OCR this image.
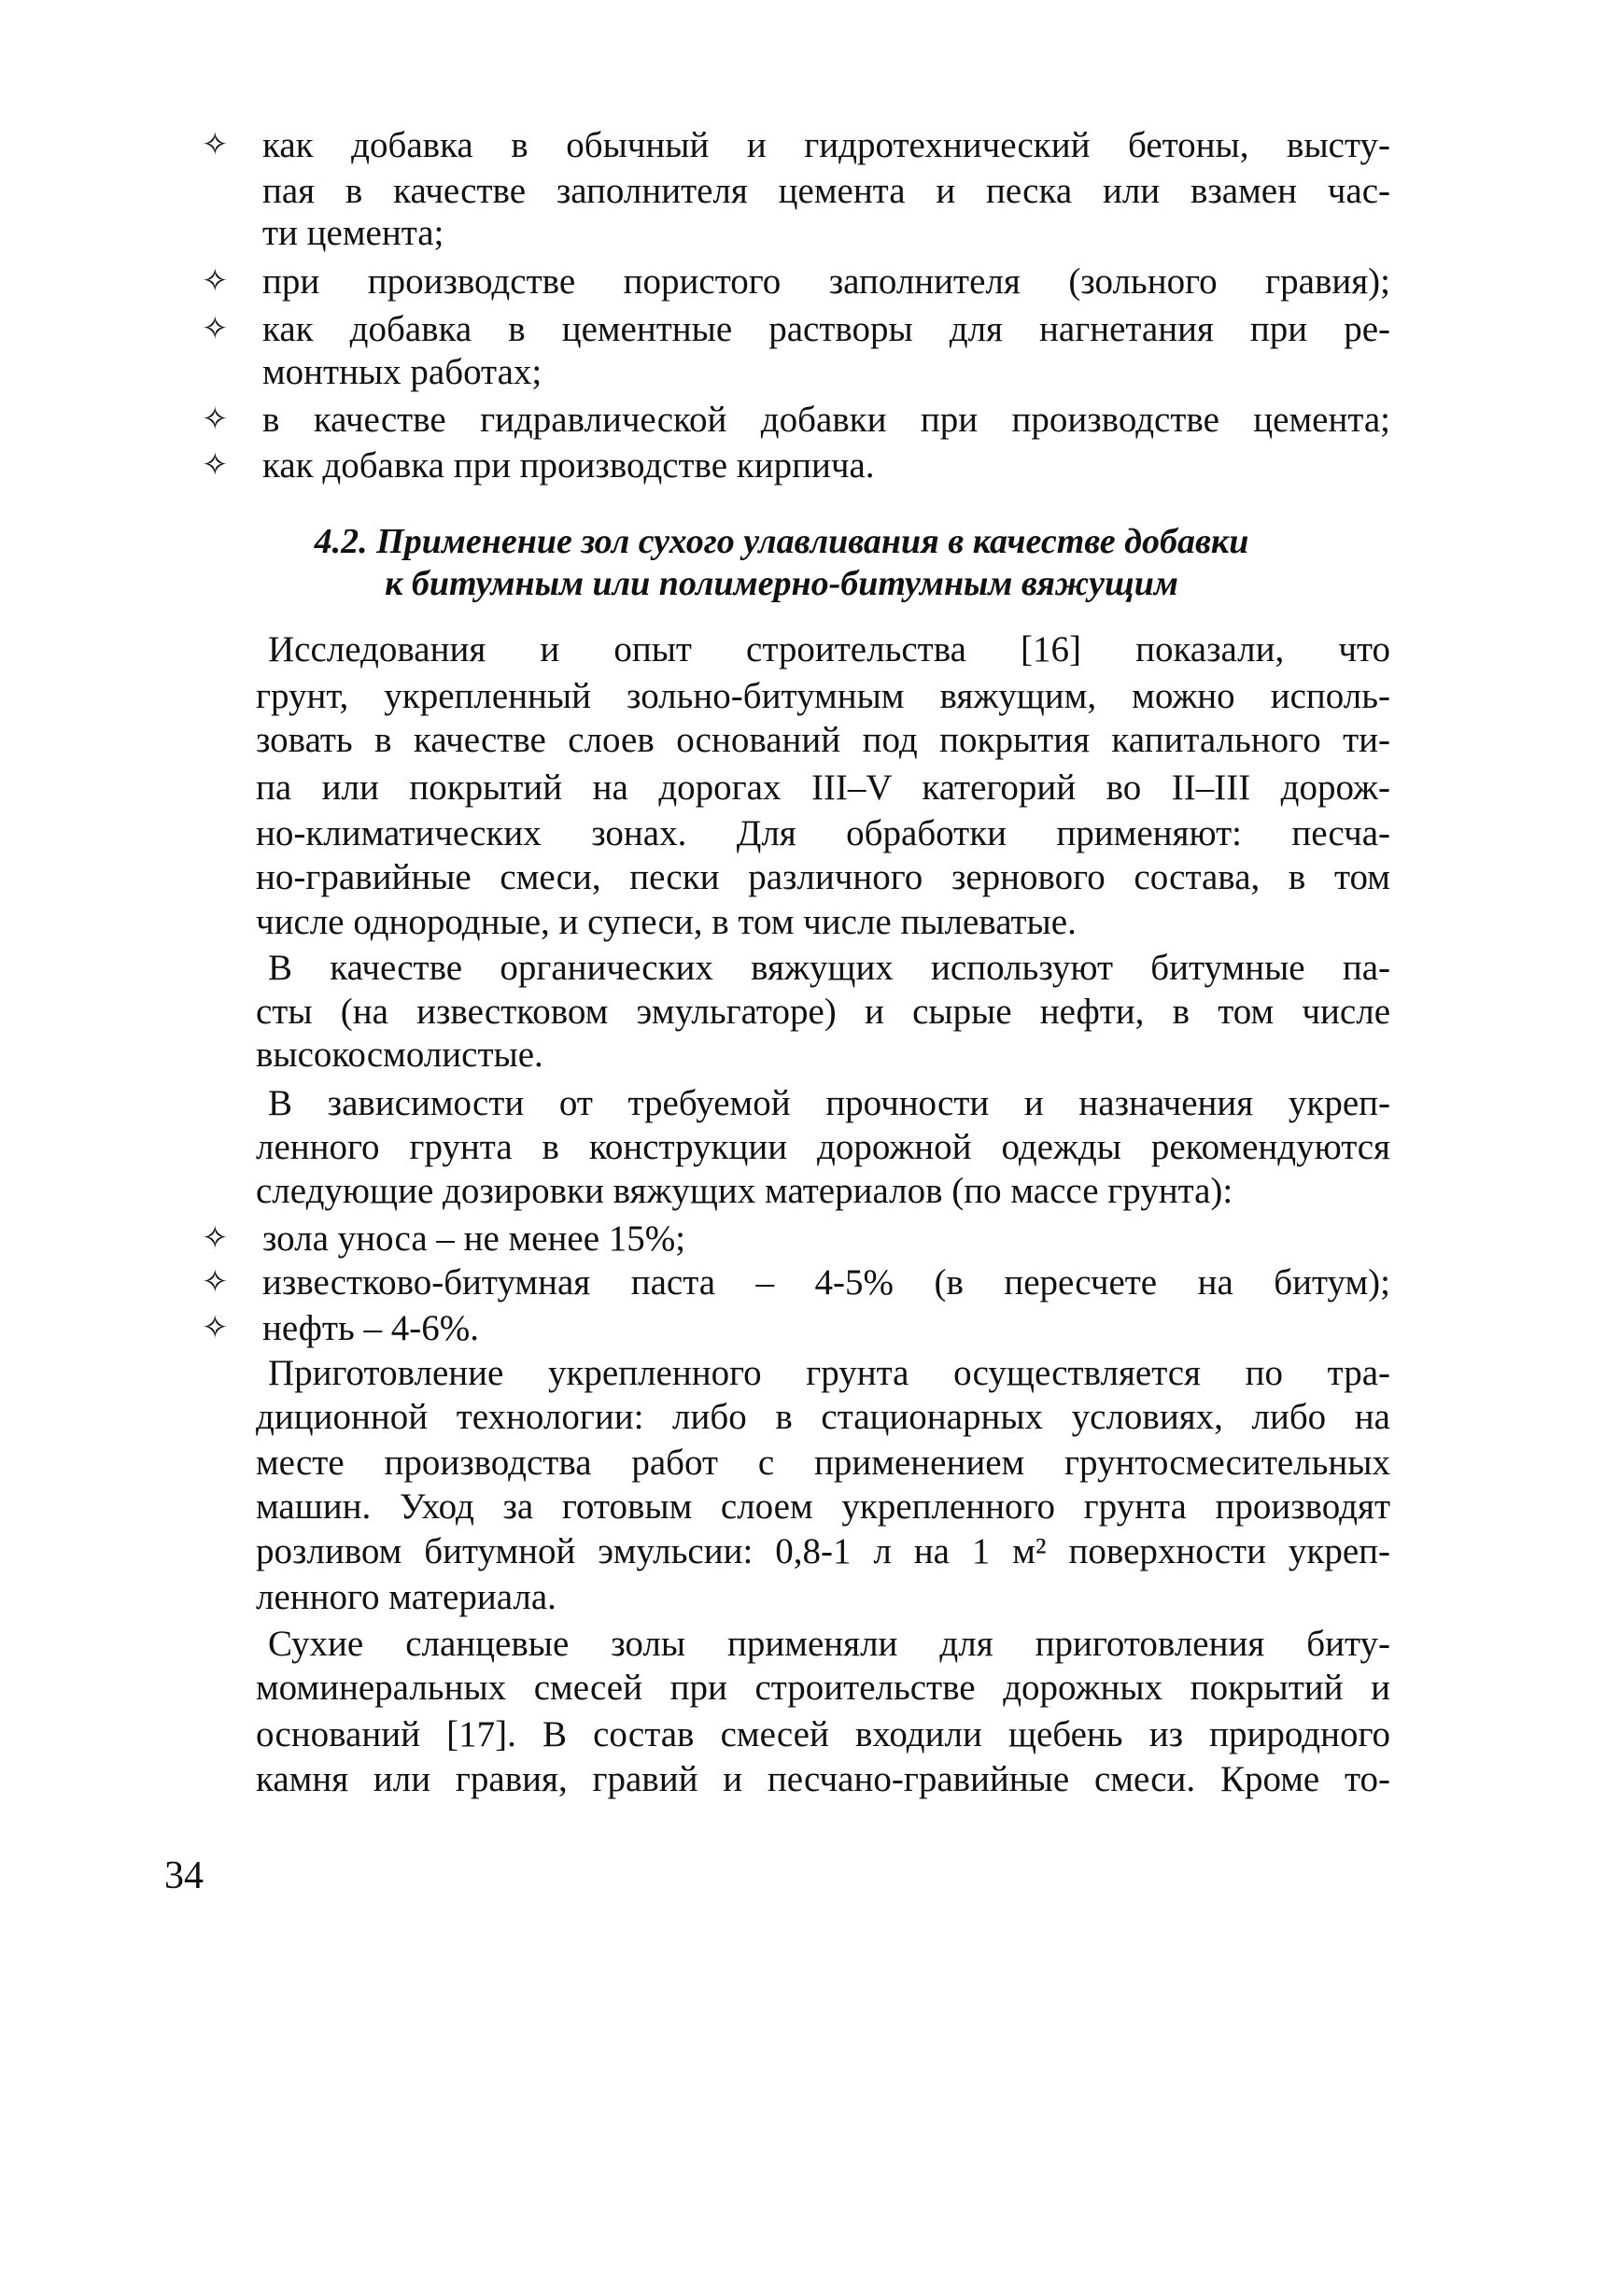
✧ как добавка в обычный и гидротехнический бетоны, высту-
пая в качестве заполнителя цемента и песка или взамен час-
ти цемента;
✧ при производстве пористого заполнителя (зольного гравия);
✧ как добавка в цементные растворы для нагнетания при ре-
монтных работах;
✧ в качестве гидравлической добавки при производстве цемента;
✧ как добавка при производстве кирпича.
4.2. Применение зол сухого улавливания в качестве добавки
к битумным или полимерно-битумным вяжущим
Исследования и опыт строительства [16] показали, что
грунт, укрепленный зольно-битумным вяжущим, можно исполь-
зовать в качестве слоев оснований под покрытия капитального ти-
па или покрытий на дорогах III–V категорий во II–III дорож-
но-климатических зонах. Для обработки применяют: песча-
но-гравийные смеси, пески различного зернового состава, в том
числе однородные, и супеси, в том числе пылеватые.
В качестве органических вяжущих используют битумные па-
сты (на известковом эмульгаторе) и сырые нефти, в том числе
высокосмолистые.
В зависимости от требуемой прочности и назначения укреп-
ленного грунта в конструкции дорожной одежды рекомендуются
следующие дозировки вяжущих материалов (по массе грунта):
✧ зола уноса – не менее 15%;
✧ известково-битумная паста – 4-5% (в пересчете на битум);
✧ нефть – 4-6%.
Приготовление укрепленного грунта осуществляется по тра-
диционной технологии: либо в стационарных условиях, либо на
месте производства работ с применением грунтосмесительных
машин. Уход за готовым слоем укрепленного грунта производят
розливом битумной эмульсии: 0,8-1 л на 1 м² поверхности укреп-
ленного материала.
Сухие сланцевые золы применяли для приготовления биту-
моминеральных смесей при строительстве дорожных покрытий и
оснований [17]. В состав смесей входили щебень из природного
камня или гравия, гравий и песчано-гравийные смеси. Кроме то-
34
